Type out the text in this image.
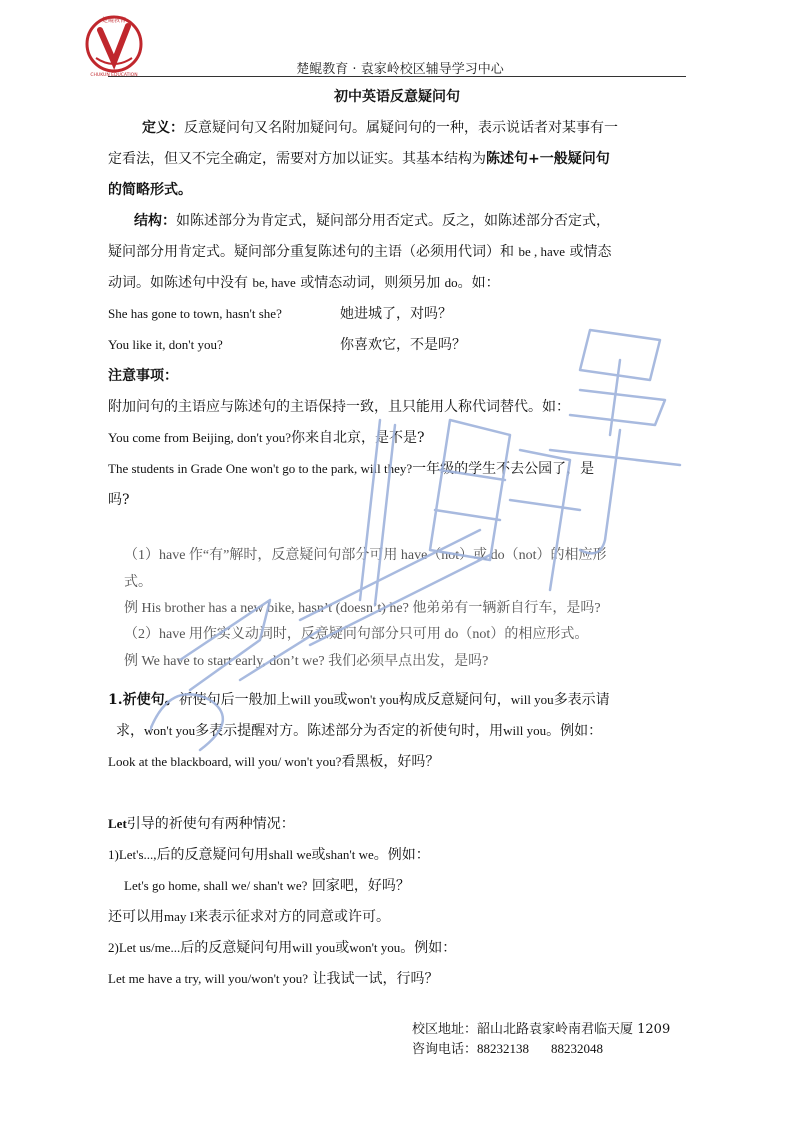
楚鲲教育
CHUKUN EDUCATION	楚鲲教育 · 袁家岭校区辅导学习中心
初中英语反意疑问句
定义：反意疑问句又名附加疑问句。属疑问句的一种，表示说话者对某事有一
定看法，但又不完全确定，需要对方加以证实。其基本结构为陈述句+一般疑问句
的简略形式。
结构：如陈述部分为肯定式，疑问部分用否定式。反之，如陈述部分否定式，
疑问部分用肯定式。疑问部分重复陈述句的主语（必须用代词）和 be , have 或情态
动词。如陈述句中没有 be, have 或情态动词，则须另加 do。如：
She has gone to town, hasn't she?	她进城了，对吗？
You like it, don't you?	你喜欢它，不是吗？
注意事项：
附加问句的主语应与陈述句的主语保持一致，且只能用人称代词替代。如：
You come from Beijing, don't you?你来自北京，是不是?
The students in Grade One won't go to the park, will they?一年级的学生不去公园了，是
吗?
（1）have 作“有”解时，反意疑问句部分可用 have（not）或 do（not）的相应形
式。
例 His brother has a new bike, hasn’t (doesn’t) he? 他弟弟有一辆新自行车，是吗?
（2）have 用作实义动词时，反意疑问句部分只可用 do（not）的相应形式。
例 We have to start early, don’t we? 我们必须早点出发，是吗?
1.祈使句。祈使句后一般加上will you或won't you构成反意疑问句，will you多表示请
求，won't you多表示提醒对方。陈述部分为否定的祈使句时，用will you。例如：
Look at the blackboard, will you/ won't you?看黑板，好吗？
Let引导的祈使句有两种情况：
1)Let's...,后的反意疑问句用shall we或shan't we。例如：
Let's go home, shall we/ shan't we? 回家吧，好吗？
还可以用may I来表示征求对方的同意或许可。
2)Let us/me...后的反意疑问句用will you或won't you。例如：
Let me have a try, will you/won't you? 让我试一试，行吗？
校区地址：韶山北路袁家岭南君临天厦 1209
咨询电话：88232138 88232048
